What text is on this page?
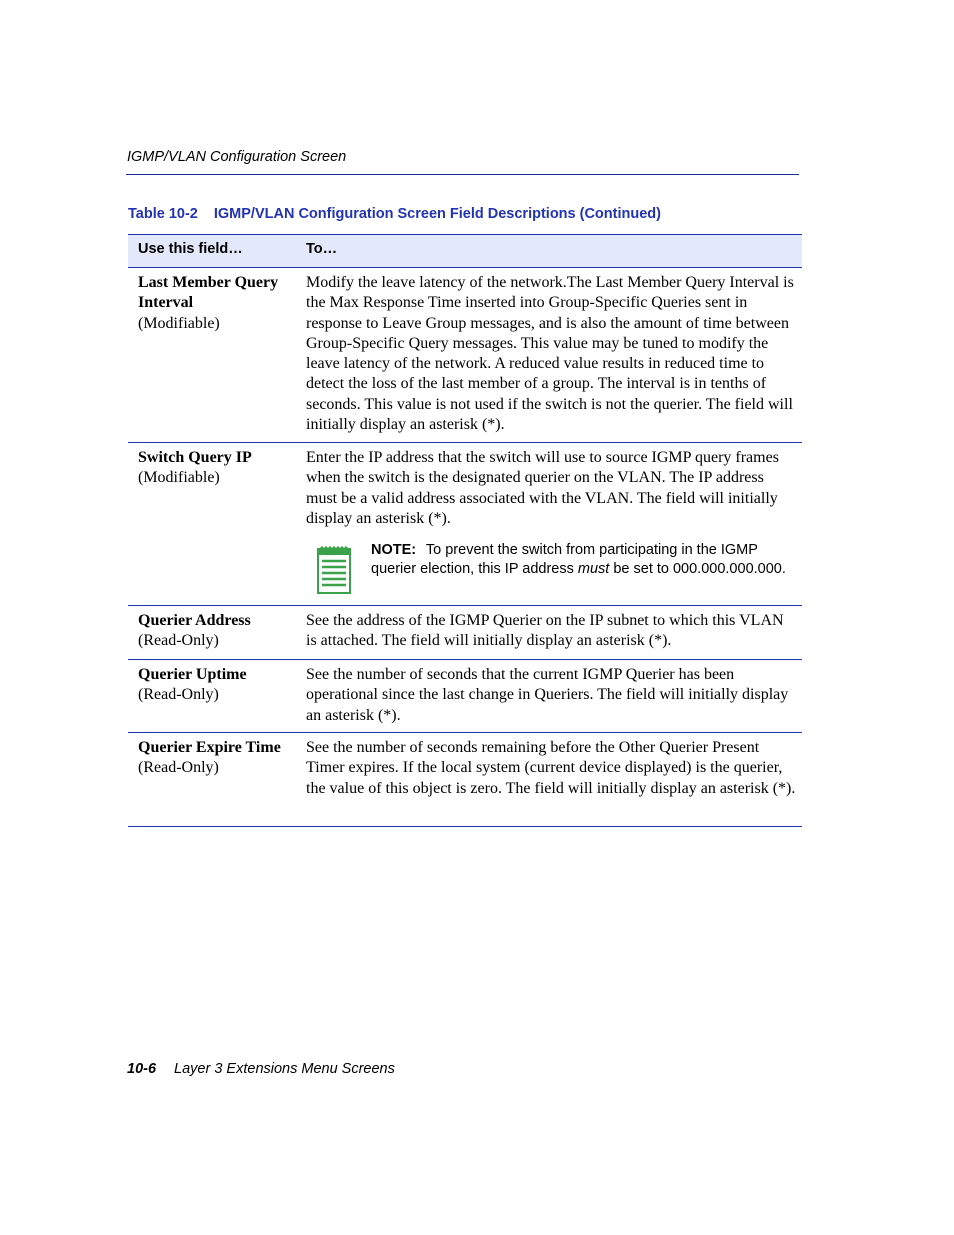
IGMP/VLAN Configuration Screen
Table 10-2 IGMP/VLAN Configuration Screen Field Descriptions (Continued)
Use this field…	To…
Last Member Query Interval
(Modifiable)
Modify the leave latency of the network.The Last Member Query Interval is the Max Response Time inserted into Group-Specific Queries sent in response to Leave Group messages, and is also the amount of time between Group-Specific Query messages. This value may be tuned to modify the leave latency of the network. A reduced value results in reduced time to detect the loss of the last member of a group. The interval is in tenths of seconds. This value is not used if the switch is not the querier. The field will initially display an asterisk (*).
Switch Query IP
(Modifiable)
Enter the IP address that the switch will use to source IGMP query frames when the switch is the designated querier on the VLAN. The IP address must be a valid address associated with the VLAN. The field will initially display an asterisk (*).
NOTE: To prevent the switch from participating in the IGMP querier election, this IP address must be set to 000.000.000.000.
Querier Address
(Read-Only)
See the address of the IGMP Querier on the IP subnet to which this VLAN is attached. The field will initially display an asterisk (*).
Querier Uptime
(Read-Only)
See the number of seconds that the current IGMP Querier has been operational since the last change in Queriers. The field will initially display an asterisk (*).
Querier Expire Time
(Read-Only)
See the number of seconds remaining before the Other Querier Present Timer expires. If the local system (current device displayed) is the querier, the value of this object is zero. The field will initially display an asterisk (*).
10-6 Layer 3 Extensions Menu Screens
